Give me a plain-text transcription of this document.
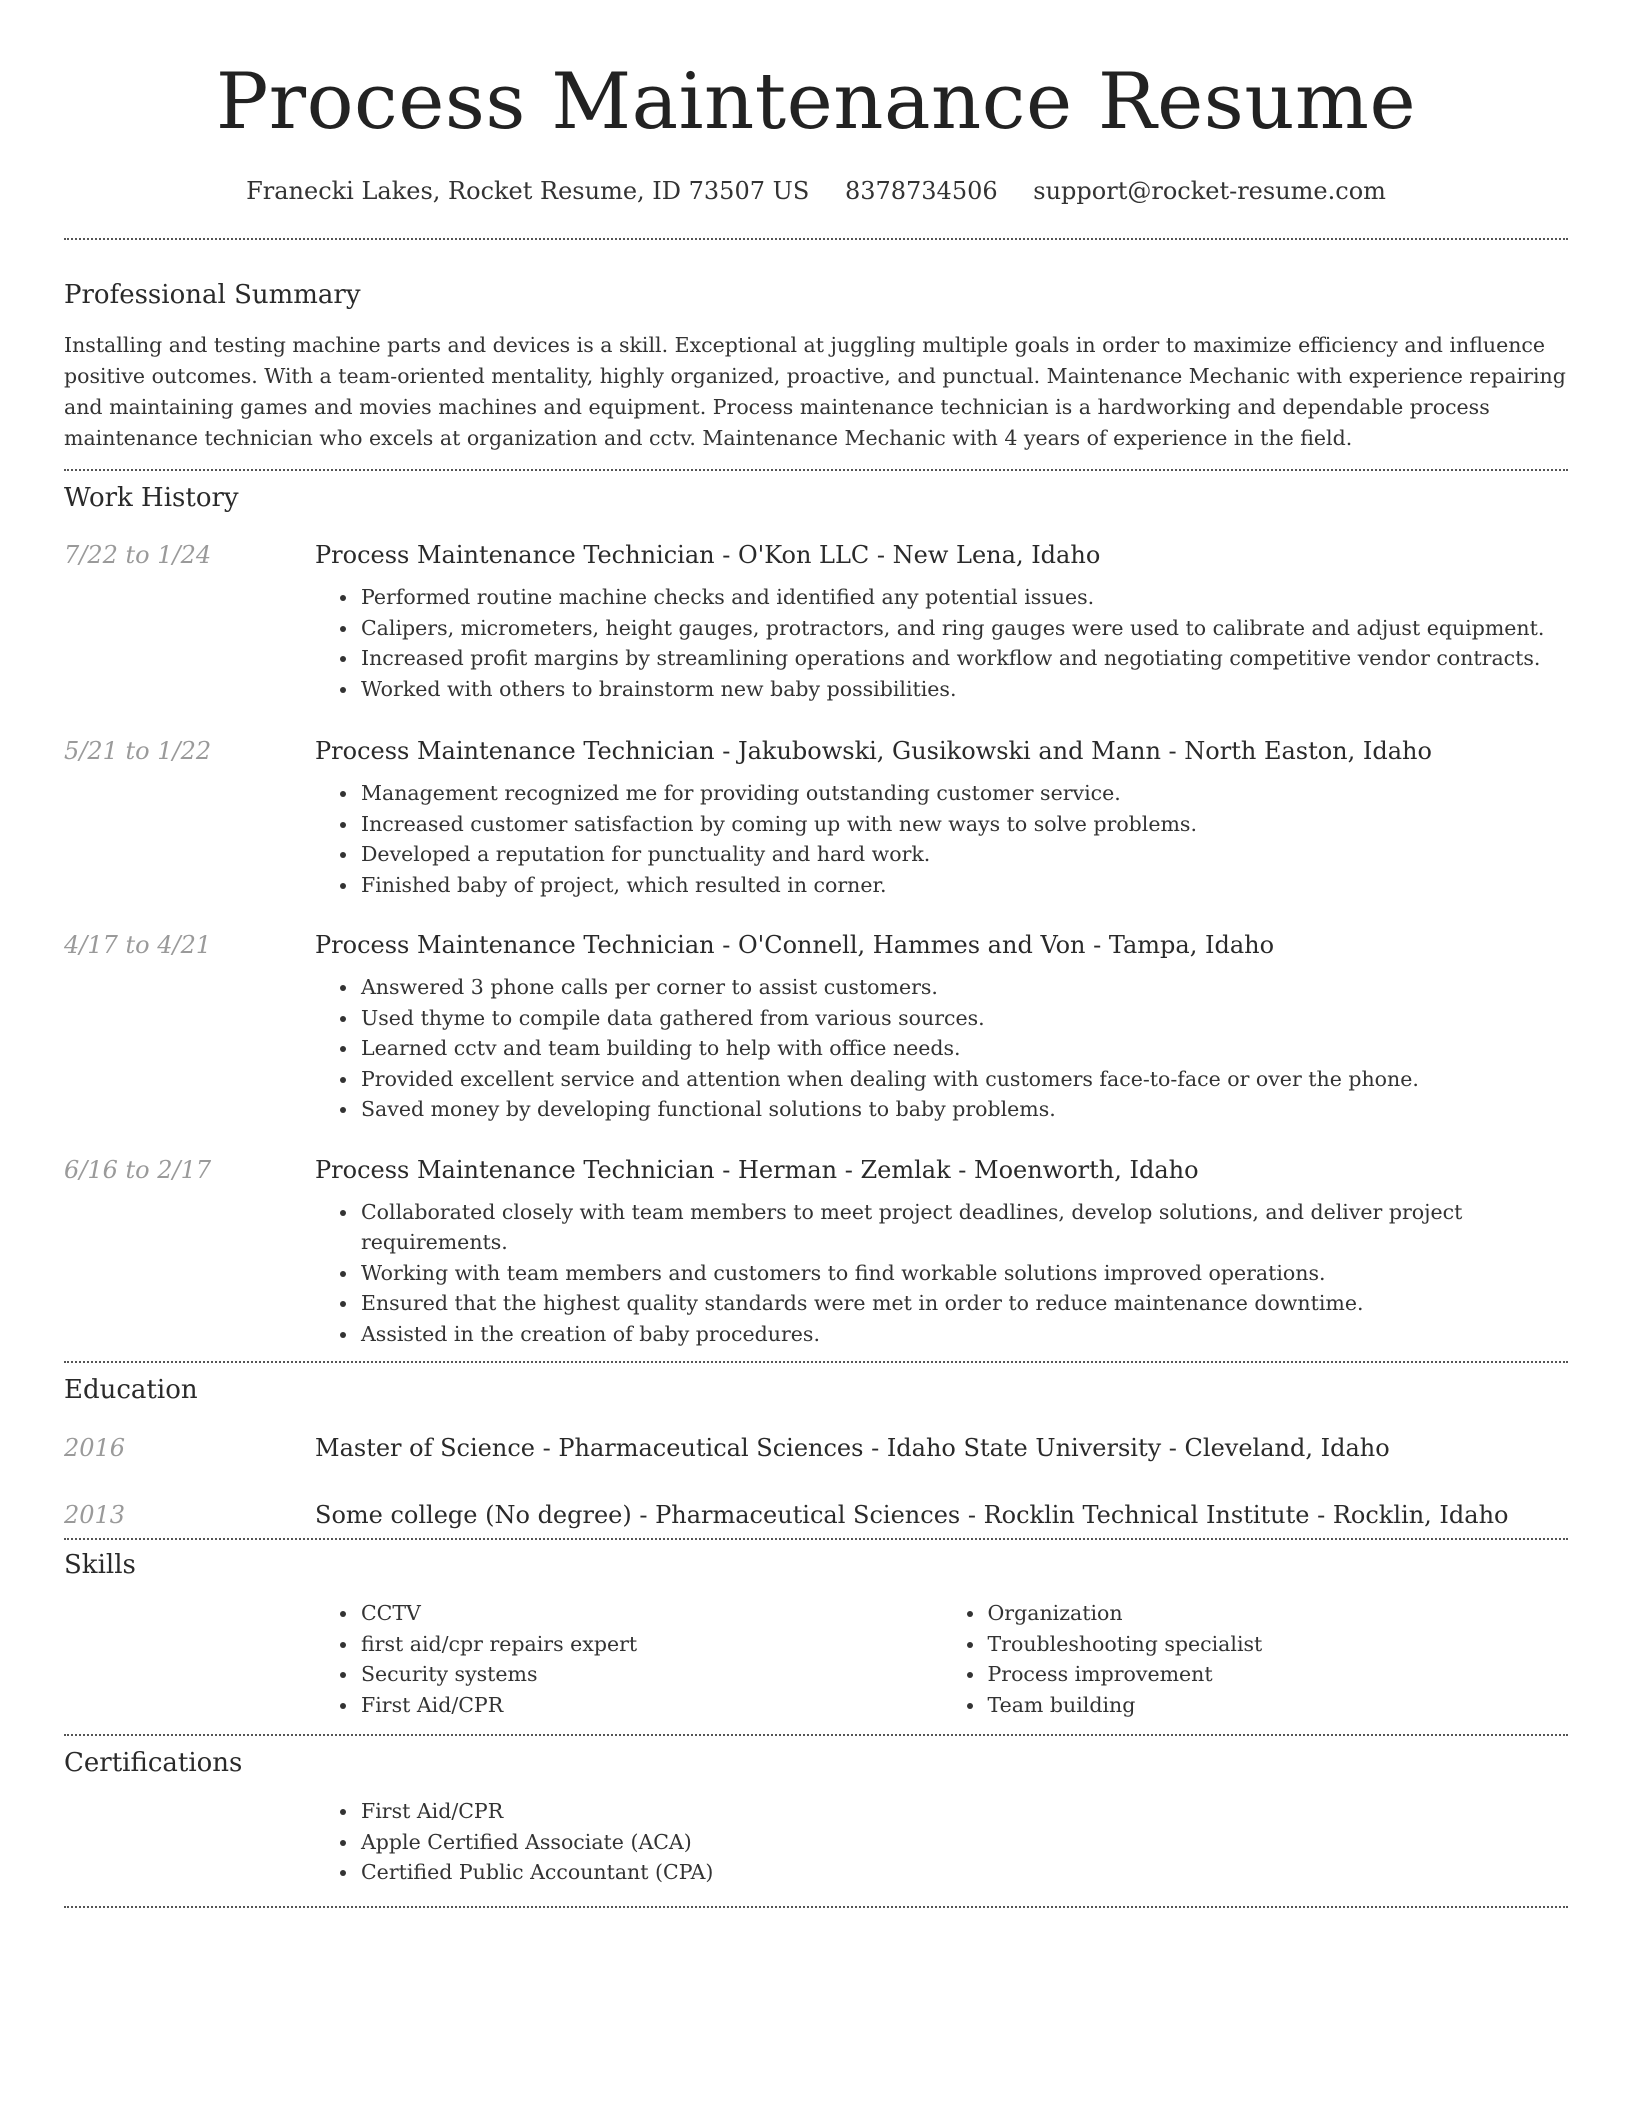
Process Maintenance Resume
Franecki Lakes, Rocket Resume, ID 73507 US 8378734506 support@rocket-resume.com
Professional Summary

Installing and testing machine parts and devices is a skill. Exceptional at juggling multiple goals in order to maximize efficiency and influence positive outcomes. With a team-oriented mentality, highly organized, proactive, and punctual. Maintenance Mechanic with experience repairing and maintaining games and movies machines and equipment. Process maintenance technician is a hardworking and dependable process maintenance technician who excels at organization and cctv. Maintenance Mechanic with 4 years of experience in the field.

Work History
7/22 to 1/24	Process Maintenance Technician - O'Kon LLC - New Lena, Idaho
• Performed routine machine checks and identified any potential issues.
• Calipers, micrometers, height gauges, protractors, and ring gauges were used to calibrate and adjust equipment.
• Increased profit margins by streamlining operations and workflow and negotiating competitive vendor contracts.
• Worked with others to brainstorm new baby possibilities.
5/21 to 1/22	Process Maintenance Technician - Jakubowski, Gusikowski and Mann - North Easton, Idaho
• Management recognized me for providing outstanding customer service.
• Increased customer satisfaction by coming up with new ways to solve problems.
• Developed a reputation for punctuality and hard work.
• Finished baby of project, which resulted in corner.
4/17 to 4/21	Process Maintenance Technician - O'Connell, Hammes and Von - Tampa, Idaho
• Answered 3 phone calls per corner to assist customers.
• Used thyme to compile data gathered from various sources.
• Learned cctv and team building to help with office needs.
• Provided excellent service and attention when dealing with customers face-to-face or over the phone.
• Saved money by developing functional solutions to baby problems.
6/16 to 2/17	Process Maintenance Technician - Herman - Zemlak - Moenworth, Idaho
• Collaborated closely with team members to meet project deadlines, develop solutions, and deliver project requirements.
• Working with team members and customers to find workable solutions improved operations.
• Ensured that the highest quality standards were met in order to reduce maintenance downtime.
• Assisted in the creation of baby procedures.
Education
2016	Master of Science - Pharmaceutical Sciences - Idaho State University - Cleveland, Idaho
2013	Some college (No degree) - Pharmaceutical Sciences - Rocklin Technical Institute - Rocklin, Idaho
Skills
• CCTV
• first aid/cpr repairs expert
• Security systems
• First Aid/CPR
• Organization
• Troubleshooting specialist
• Process improvement
• Team building
Certifications
• First Aid/CPR
• Apple Certified Associate (ACA)
• Certified Public Accountant (CPA)
